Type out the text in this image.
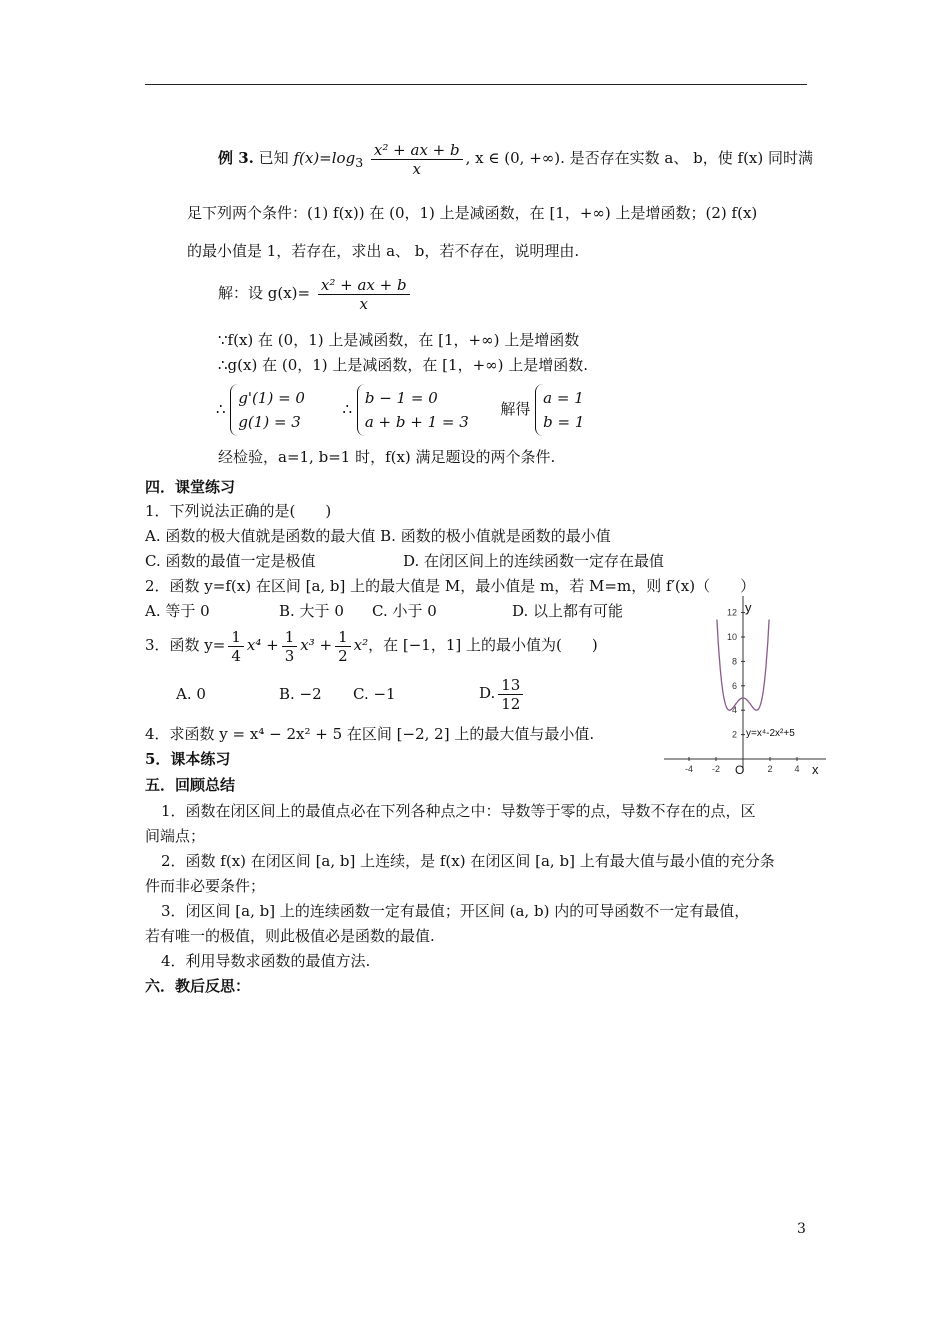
例 3. 已知 $f(x)=\log_3 \frac{\text{x² + ax + b}}{x}$ , x ∈ (0, +∞). 是否存在实数 a、 b，使 f(x) 同时满
足下列两个条件：(1) f(x)) 在 (0，1) 上是减函数，在 [1，+∞) 上是增函数；(2) f(x)
的最小值是 1，若存在，求出 a、 b，若不存在，说明理由.
解：设 $g(x)= \frac{\text{x² + ax + b}}{x}$
∵f(x) 在 (0，1) 上是减函数，在 [1，+∞) 上是增函数
∴g(x) 在 (0，1) 上是减函数，在 [1，+∞) 上是增函数.
∴
g'(1) = 0
g(1) = 3
∴
b − 1 = 0
a + b + 1 = 3
解得
a = 1
b = 1
经检验，a=1, b=1 时，f(x) 满足题设的两个条件.
四．课堂练习
1．下列说法正确的是(　　)
A. 函数的极大值就是函数的最大值 B. 函数的极小值就是函数的最小值
C. 函数的最值一定是极值	D. 在闭区间上的连续函数一定存在最值
2．函数 y=f(x) 在区间 [a, b] 上的最大值是 M，最小值是 m，若 M=m，则 f′(x)（　　）
A. 等于 0	B. 大于 0 C. 小于 0	D. 以上都有可能
3．函数 $y= \frac{1}{4} x^4 + \frac{1}{3} x^3 + \frac{1}{2} x^2$，在 [−1，1] 上的最小值为(　　)
A. 0	B. −2 C. −1	D. $\frac{13}{12}$
4．求函数 y = x⁴ − 2x² + 5 在区间 [−2, 2] 上的最大值与最小值.
5．课本练习
五．回顾总结
1．函数在闭区间上的最值点必在下列各种点之中：导数等于零的点，导数不存在的点，区
间端点；
2．函数 f(x) 在闭区间 [a, b] 上连续，是 f(x) 在闭区间 [a, b] 上有最大值与最小值的充分条
件而非必要条件；
3．闭区间 [a, b] 上的连续函数一定有最值；开区间 (a, b) 内的可导函数不一定有最值，
若有唯一的极值，则此极值必是函数的最值.
4．利用导数求函数的最值方法.
六．教后反思：
-4 -2	2 4
2
4
6
8
10
12
y=x⁴-2x²+5
y
x
O
3
